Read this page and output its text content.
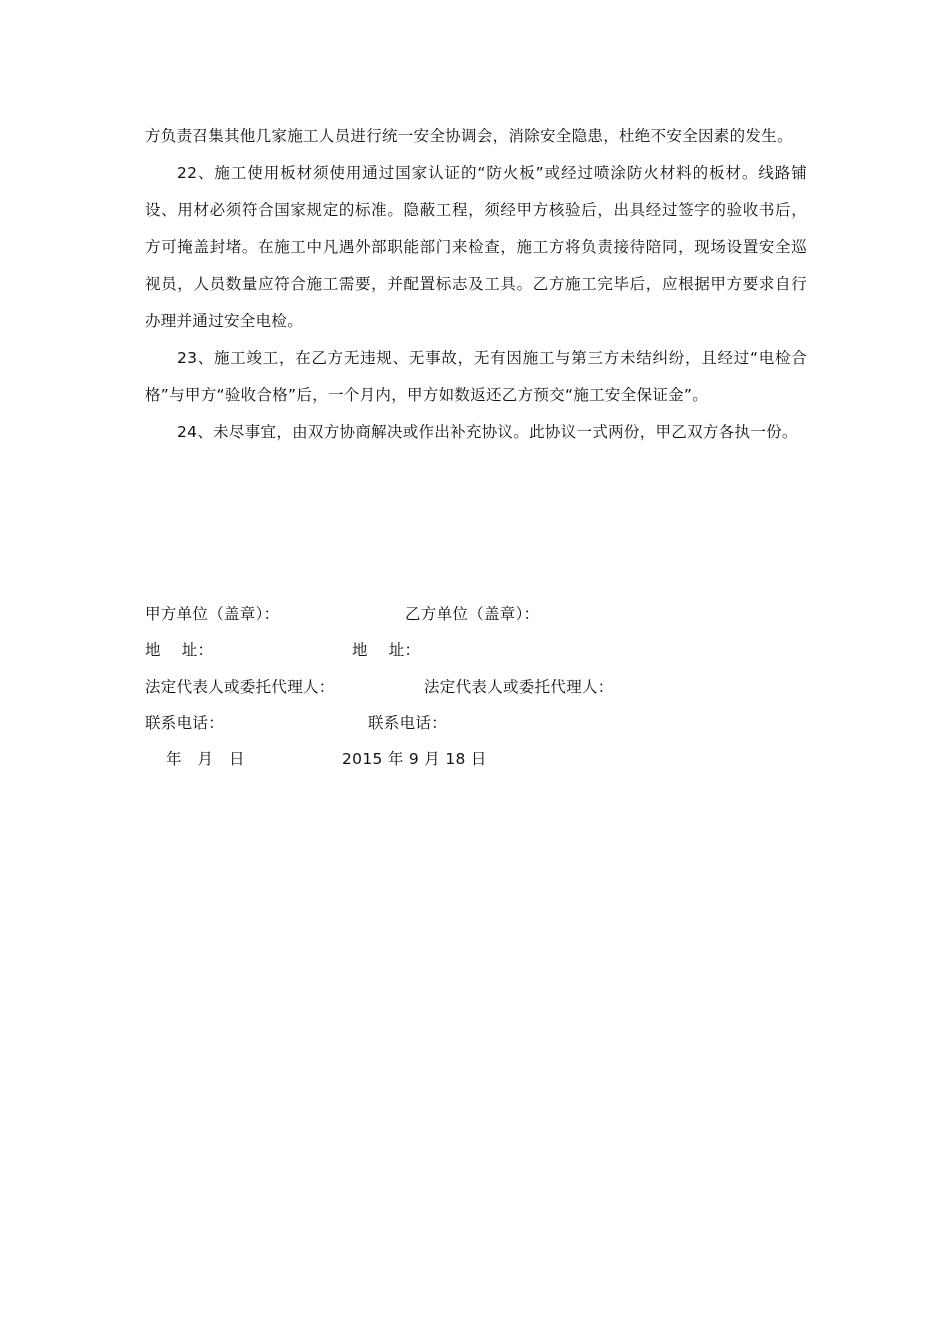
方负责召集其他几家施工人员进行统一安全协调会，消除安全隐患，杜绝不安全因素的发生。

22、施工使用板材须使用通过国家认证的“防火板”或经过喷涂防火材料的板材。线路铺设、用材必须符合国家规定的标准。隐蔽工程，须经甲方核验后，出具经过签字的验收书后，方可掩盖封堵。在施工中凡遇外部职能部门来检查，施工方将负责接待陪同，现场设置安全巡视员，人员数量应符合施工需要，并配置标志及工具。乙方施工完毕后，应根据甲方要求自行办理并通过安全电检。

23、施工竣工，在乙方无违规、无事故，无有因施工与第三方未结纠纷，且经过“电检合格”与甲方“验收合格”后，一个月内，甲方如数返还乙方预交“施工安全保证金”。

24、未尽事宜，由双方协商解决或作出补充协议。此协议一式两份，甲乙双方各执一份。

甲方单位（盖章）：	乙方单位（盖章）：
地    址：	地    址：
法定代表人或委托代理人：	法定代表人或委托代理人：
联系电话：	联系电话：
年   月   日	2015 年 9 月 18 日
